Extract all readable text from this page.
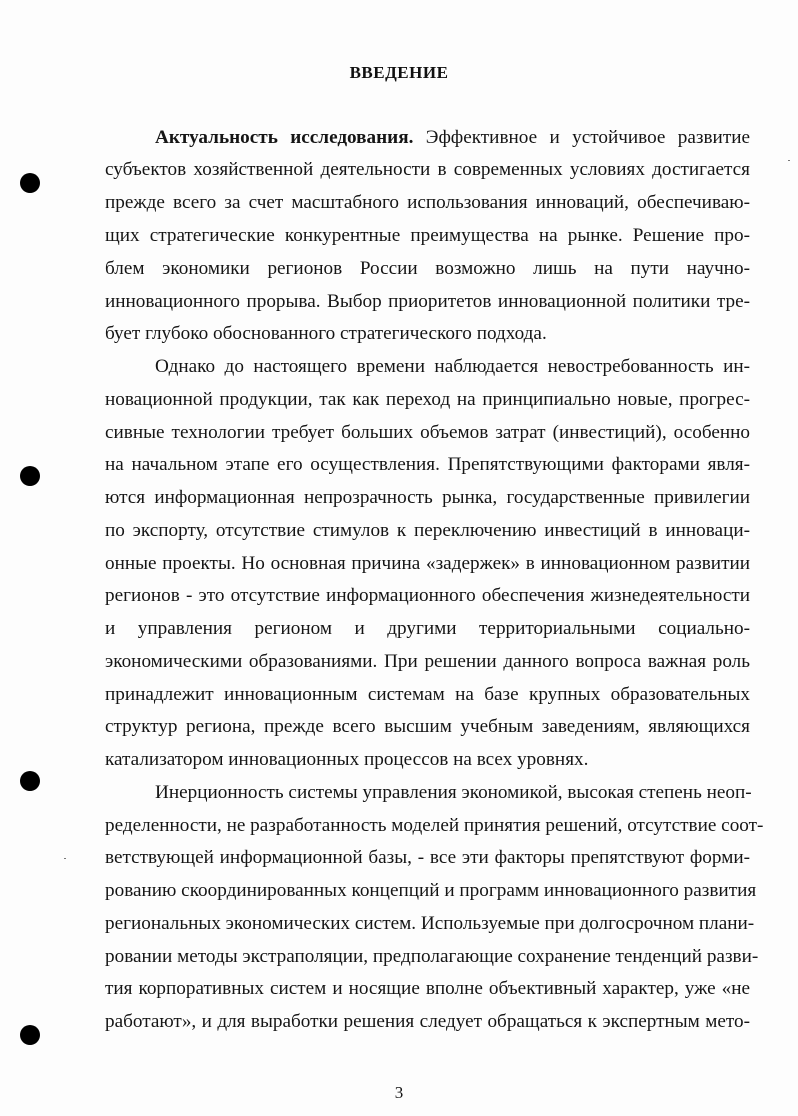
ВВЕДЕНИЕ
Актуальность исследования. Эффективное и устойчивое развитие
субъектов хозяйственной деятельности в современных условиях достигается
прежде всего за счет масштабного использования инноваций, обеспечиваю-
щих стратегические конкурентные преимущества на рынке. Решение про-
блем экономики регионов России возможно лишь на пути научно-
инновационного прорыва. Выбор приоритетов инновационной политики тре-
бует глубоко обоснованного стратегического подхода.
Однако до настоящего времени наблюдается невостребованность ин-
новационной продукции, так как переход на принципиально новые, прогрес-
сивные технологии требует больших объемов затрат (инвестиций), особенно
на начальном этапе его осуществления. Препятствующими факторами явля-
ются информационная непрозрачность рынка, государственные привилегии
по экспорту, отсутствие стимулов к переключению инвестиций в инноваци-
онные проекты. Но основная причина «задержек» в инновационном развитии
регионов - это отсутствие информационного обеспечения жизнедеятельности
и управления регионом и другими территориальными социально-
экономическими образованиями. При решении данного вопроса важная роль
принадлежит инновационным системам на базе крупных образовательных
структур региона, прежде всего высшим учебным заведениям, являющихся
катализатором инновационных процессов на всех уровнях.
Инерционность системы управления экономикой, высокая степень неоп-
ределенности, не разработанность моделей принятия решений, отсутствие соот-
ветствующей информационной базы, - все эти факторы препятствуют форми-
рованию скоординированных концепций и программ инновационного развития
региональных экономических систем. Используемые при долгосрочном плани-
ровании методы экстраполяции, предполагающие сохранение тенденций разви-
тия корпоративных систем и носящие вполне объективный характер, уже «не
работают», и для выработки решения следует обращаться к экспертным мето-
3
